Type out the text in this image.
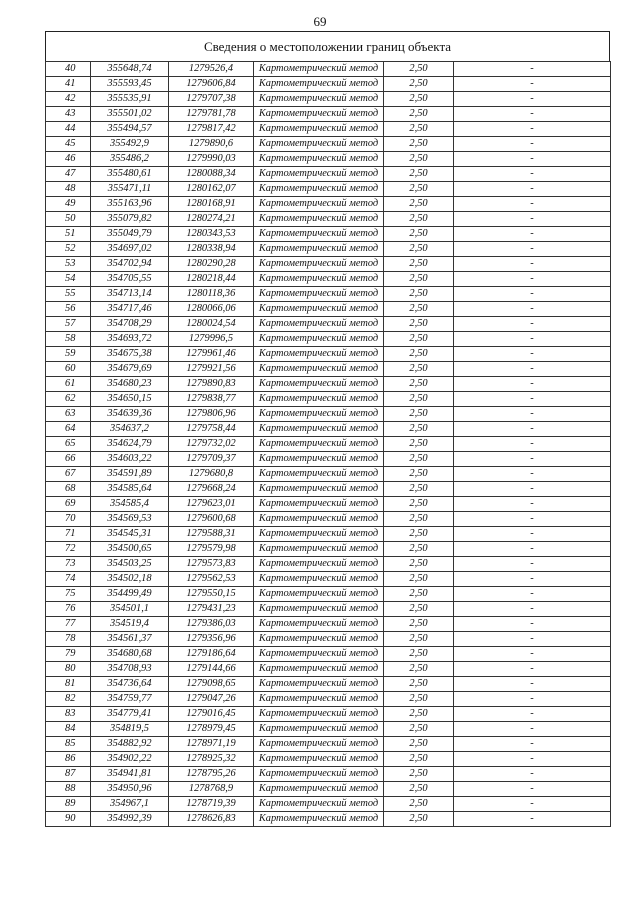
69
Сведения о местоположении границ объекта
40	355648,74	1279526,4	Картометрический метод	2,50	-
41	355593,45	1279606,84	Картометрический метод	2,50	-
42	355535,91	1279707,38	Картометрический метод	2,50	-
43	355501,02	1279781,78	Картометрический метод	2,50	-
44	355494,57	1279817,42	Картометрический метод	2,50	-
45	355492,9	1279890,6	Картометрический метод	2,50	-
46	355486,2	1279990,03	Картометрический метод	2,50	-
47	355480,61	1280088,34	Картометрический метод	2,50	-
48	355471,11	1280162,07	Картометрический метод	2,50	-
49	355163,96	1280168,91	Картометрический метод	2,50	-
50	355079,82	1280274,21	Картометрический метод	2,50	-
51	355049,79	1280343,53	Картометрический метод	2,50	-
52	354697,02	1280338,94	Картометрический метод	2,50	-
53	354702,94	1280290,28	Картометрический метод	2,50	-
54	354705,55	1280218,44	Картометрический метод	2,50	-
55	354713,14	1280118,36	Картометрический метод	2,50	-
56	354717,46	1280066,06	Картометрический метод	2,50	-
57	354708,29	1280024,54	Картометрический метод	2,50	-
58	354693,72	1279996,5	Картометрический метод	2,50	-
59	354675,38	1279961,46	Картометрический метод	2,50	-
60	354679,69	1279921,56	Картометрический метод	2,50	-
61	354680,23	1279890,83	Картометрический метод	2,50	-
62	354650,15	1279838,77	Картометрический метод	2,50	-
63	354639,36	1279806,96	Картометрический метод	2,50	-
64	354637,2	1279758,44	Картометрический метод	2,50	-
65	354624,79	1279732,02	Картометрический метод	2,50	-
66	354603,22	1279709,37	Картометрический метод	2,50	-
67	354591,89	1279680,8	Картометрический метод	2,50	-
68	354585,64	1279668,24	Картометрический метод	2,50	-
69	354585,4	1279623,01	Картометрический метод	2,50	-
70	354569,53	1279600,68	Картометрический метод	2,50	-
71	354545,31	1279588,31	Картометрический метод	2,50	-
72	354500,65	1279579,98	Картометрический метод	2,50	-
73	354503,25	1279573,83	Картометрический метод	2,50	-
74	354502,18	1279562,53	Картометрический метод	2,50	-
75	354499,49	1279550,15	Картометрический метод	2,50	-
76	354501,1	1279431,23	Картометрический метод	2,50	-
77	354519,4	1279386,03	Картометрический метод	2,50	-
78	354561,37	1279356,96	Картометрический метод	2,50	-
79	354680,68	1279186,64	Картометрический метод	2,50	-
80	354708,93	1279144,66	Картометрический метод	2,50	-
81	354736,64	1279098,65	Картометрический метод	2,50	-
82	354759,77	1279047,26	Картометрический метод	2,50	-
83	354779,41	1279016,45	Картометрический метод	2,50	-
84	354819,5	1278979,45	Картометрический метод	2,50	-
85	354882,92	1278971,19	Картометрический метод	2,50	-
86	354902,22	1278925,32	Картометрический метод	2,50	-
87	354941,81	1278795,26	Картометрический метод	2,50	-
88	354950,96	1278768,9	Картометрический метод	2,50	-
89	354967,1	1278719,39	Картометрический метод	2,50	-
90	354992,39	1278626,83	Картометрический метод	2,50	-
